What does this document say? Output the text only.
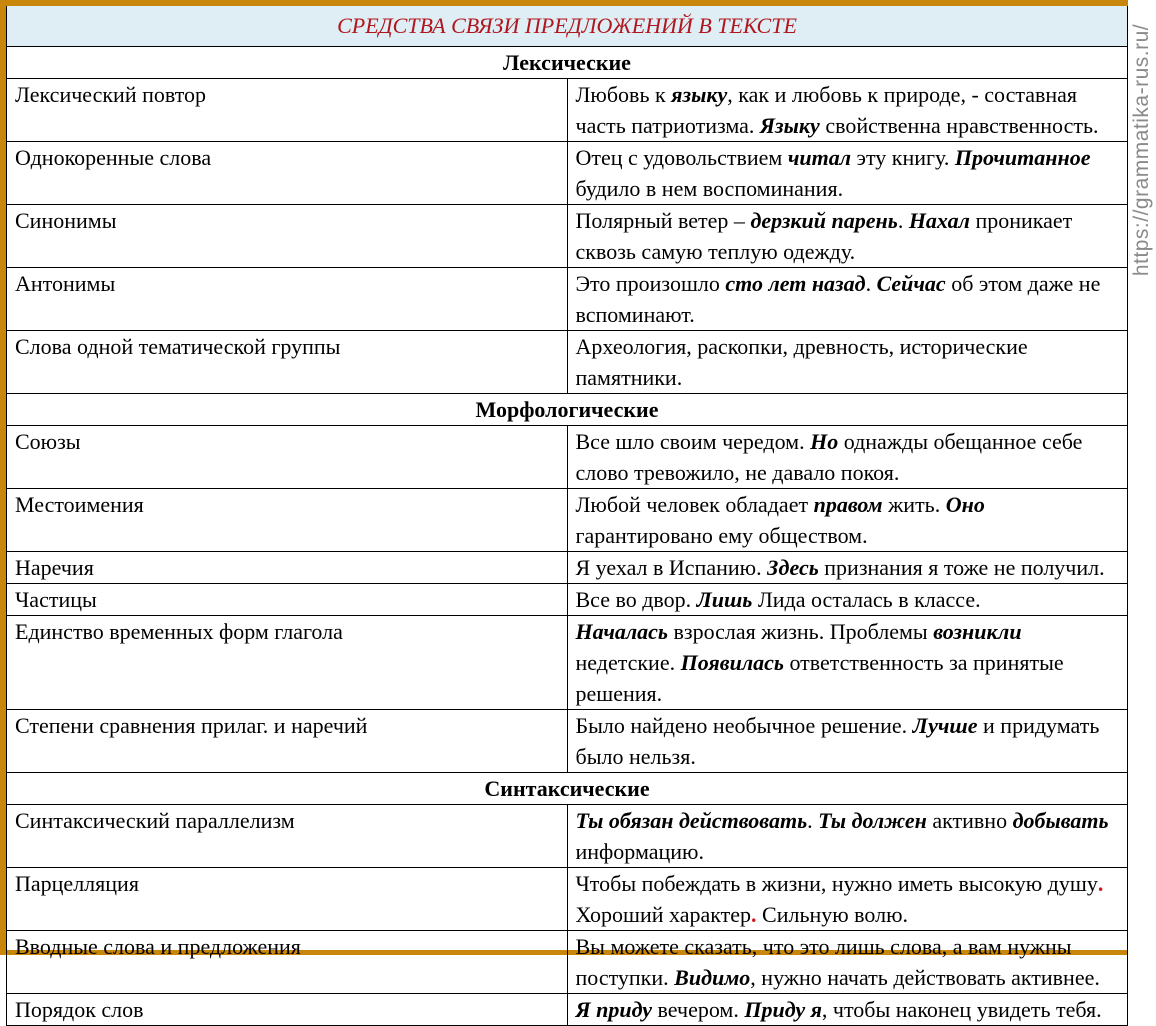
СРЕДСТВА СВЯЗИ ПРЕДЛОЖЕНИЙ В ТЕКСТЕ	
Лексические	
Лексический повтор	Любовь к языку, как и любовь к природе, - составная часть патриотизма. Языку свойственна нравственность.
Однокоренные слова	Отец с удовольствием читал эту книгу. Прочитанное будило в нем воспоминания.
Синонимы	Полярный ветер – дерзкий парень. Нахал проникает сквозь самую теплую одежду.
Антонимы	Это произошло сто лет назад. Сейчас об этом даже не вспоминают.
Слова одной тематической группы	Археология, раскопки, древность, исторические памятники.
Морфологические	
Союзы	Все шло своим чередом. Но однажды обещанное себе слово тревожило, не давало покоя.
Местоимения	Любой человек обладает правом жить. Оно гарантировано ему обществом.
Наречия	Я уехал в Испанию. Здесь признания я тоже не получил.
Частицы	Все во двор. Лишь Лида осталась в классе.
Единство временных форм глагола	Началась взрослая жизнь. Проблемы возникли недетские. Появилась ответственность за принятые решения.
Степени сравнения прилаг. и наречий	Было найдено необычное решение. Лучше и придумать было нельзя.
Синтаксические	
Синтаксический параллелизм	Ты обязан действовать. Ты должен активно добывать информацию.
Парцелляция	Чтобы побеждать в жизни, нужно иметь высокую душу. Хороший характер. Сильную волю.
Вводные слова и предложения	Вы можете сказать, что это лишь слова, а вам нужны поступки. Видимо, нужно начать действовать активнее.
Порядок слов	Я приду вечером. Приду я, чтобы наконец увидеть тебя.
https://grammatika-rus.ru/
